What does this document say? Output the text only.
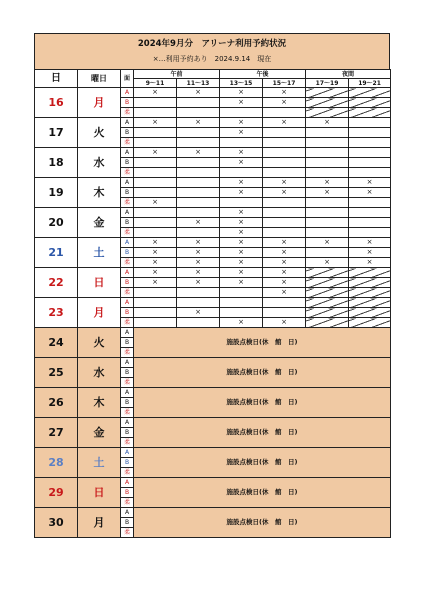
2024年9月分　アリーナ利用予約状況
×…利用予約あり　2024.9.14　現在
日	曜日	面	午前		午後		夜間	
			9～11	11～13	13～15	15～17	17～19	19～21
16	月	A	×	×	×	×		
		B			×	×		
		柔						
17	火	A	×	×	×	×	×	
		B			×			
		柔						
18	水	A	×	×	×			
		B			×			
		柔						
19	木	A			×	×	×	×
		B			×	×	×	×
		柔	×					
20	金	A			×			
		B		×	×			
		柔			×			
21	土	A	×	×	×	×	×	×
		B	×	×	×	×		×
		柔	×	×	×	×	×	×
22	日	A	×	×	×	×		
		B	×	×	×	×		
		柔				×		
23	月	A						
		B		×				
		柔			×	×		
24	火	A	施設点検日(休　館　日)					
		B						
		柔						
25	水	A	施設点検日(休　館　日)					
		B						
		柔						
26	木	A	施設点検日(休　館　日)					
		B						
		柔						
27	金	A	施設点検日(休　館　日)					
		B						
		柔						
28	土	A	施設点検日(休　館　日)					
		B						
		柔						
29	日	A	施設点検日(休　館　日)					
		B						
		柔						
30	月	A	施設点検日(休　館　日)					
		B						
		柔						
